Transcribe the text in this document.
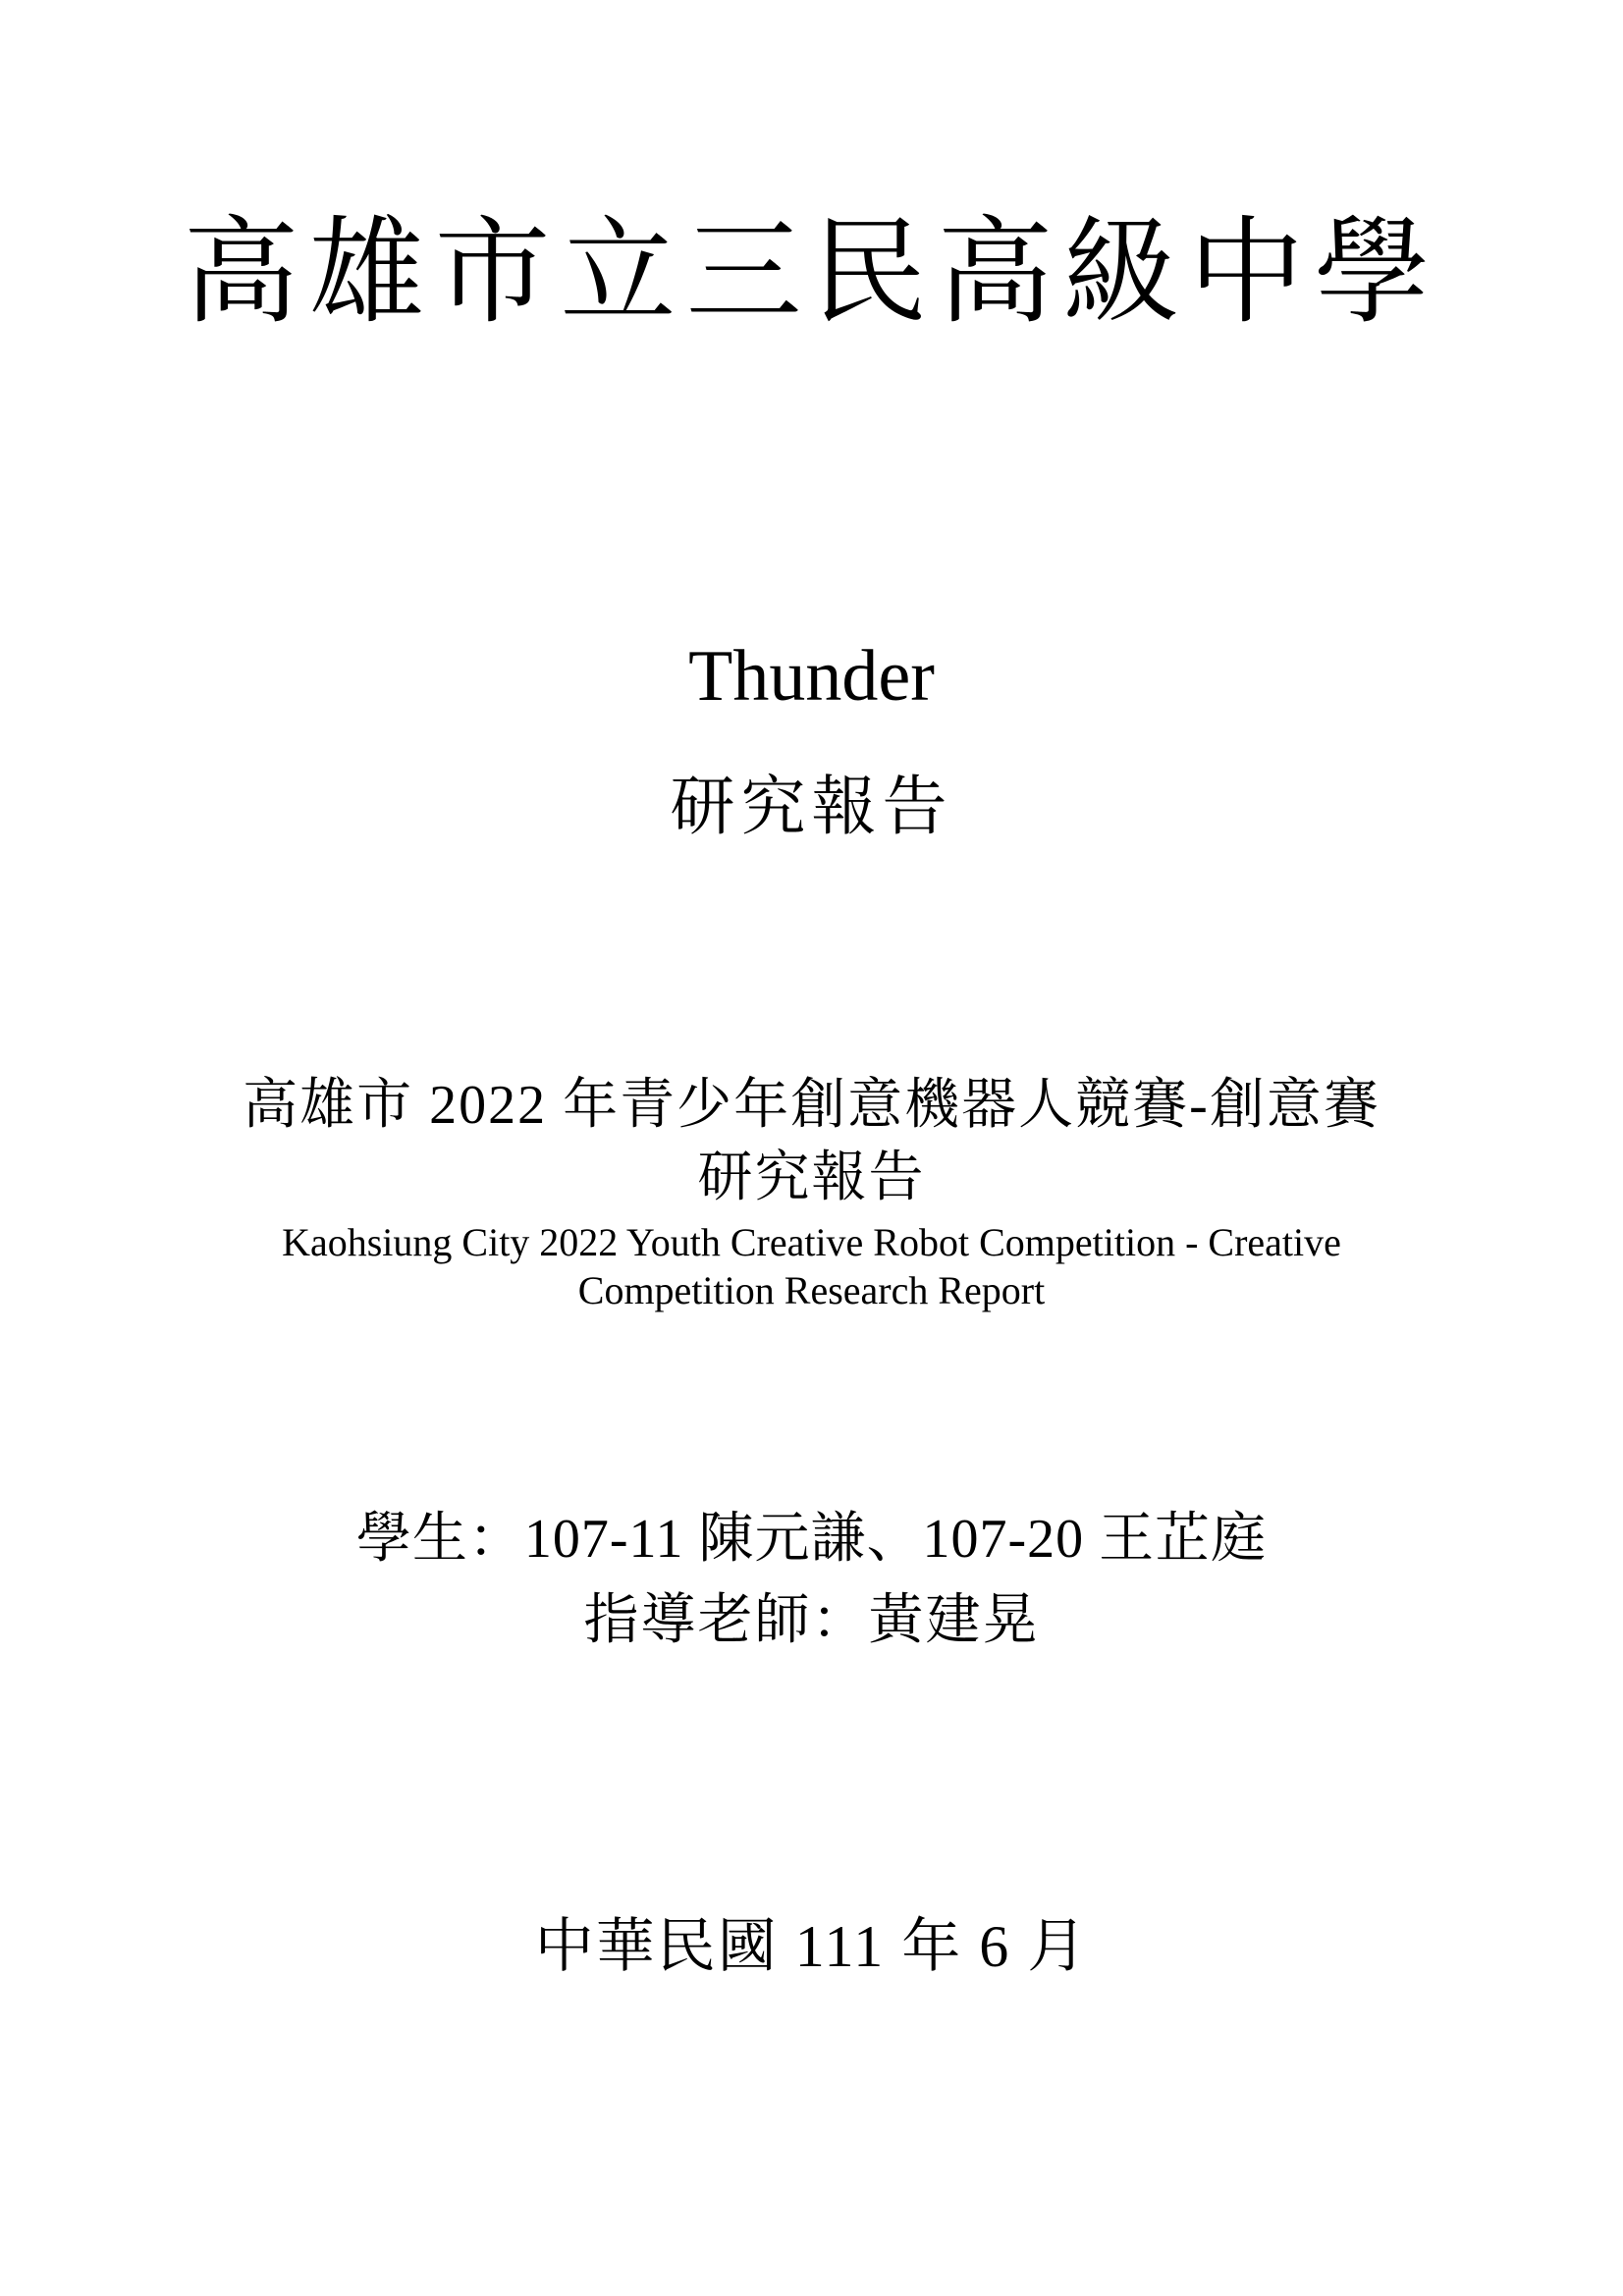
高雄市立三民高級中學
Thunder
研究報告
高雄市 2022 年青少年創意機器人競賽-創意賽
研究報告
Kaohsiung City 2022 Youth Creative Robot Competition - Creative
Competition Research Report
學生：107-11 陳元謙、107-20 王芷庭
指導老師：黃建晃
中華民國 111 年 6 月
